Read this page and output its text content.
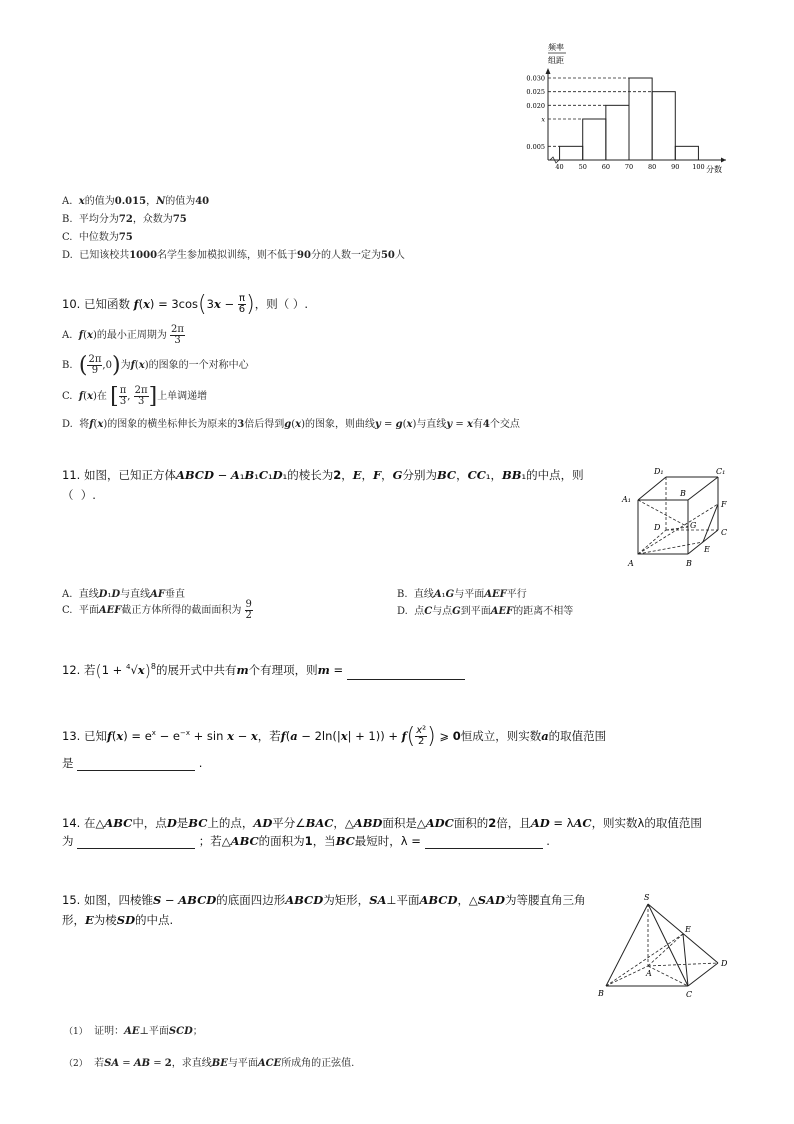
频率
组距
0.030
0.025
0.020
x
0.005
40 50 60 70 80 90 100 分数
A. x的值为0.015，N的值为40
B.  平均分为72，众数为75
C.  中位数为75
D.  已知该校共1000名学生参加模拟训练，则不低于90分的人数一定为50人
10. 已知函数 $f(x) = 3\cos(3x - \frac{\pi}{6}$ )，则（ ）.
A. f(x)的最小正周期为 $\frac{2\pi}{3}$
B. ( $\frac{2\pi}{9} ,0$)为f(x)的图象的一个对称中心
C. f(x)在 [ $\frac{\pi}{3}$ , $\frac{2\pi}{3}$ ]上单调递增
D.  将f(x)的图象的横坐标伸长为原来的3倍后得到g(x)的图象，则曲线y = g(x)与直线y = x有4个交点
11. 如图，已知正方体ABCD − A₁B₁C₁D₁的棱长为2，E，F，G分别为BC，CC₁，BB₁的中点，则（  ）.
D₁	C₁
A₁
B
F
D	G
C
E
A	B
A.  直线D₁D与直线AF垂直	B.  直线A₁G与平面AEF平行
C.  平面AEF截正方体所得的截面面积为 $\frac{9}{2}$	D.  点C与点G到平面AEF的距离不相等
12. 若$(1 + ^4√x)^8$的展开式中共有m个有理项，则m =
13. 已知$f(x) = e^x - e^{-x} + \sin x - x$，若$f(a - 2\ln(|x| + 1)) + f( \frac{\text{x²}}{2}$ ) ⩾ 0恒成立，则实数a的取值范围
是	.
14. 在△ABC中，点D是BC上的点，AD平分∠BAC，△ABD面积是△ADC面积的2倍，且AD = λAC，则实数λ的取值范围
为	；若△ABC的面积为1，当BC最短时，λ =	.
15. 如图，四棱锥S − ABCD的底面四边形ABCD为矩形，SA⊥平面ABCD，△SAD为等腰直角三角形，E为棱SD的中点.
S
E
A
D
B	C
（1）  证明：AE⊥平面SCD；
（2）  若SA = AB = 2，求直线BE与平面ACE所成角的正弦值.
